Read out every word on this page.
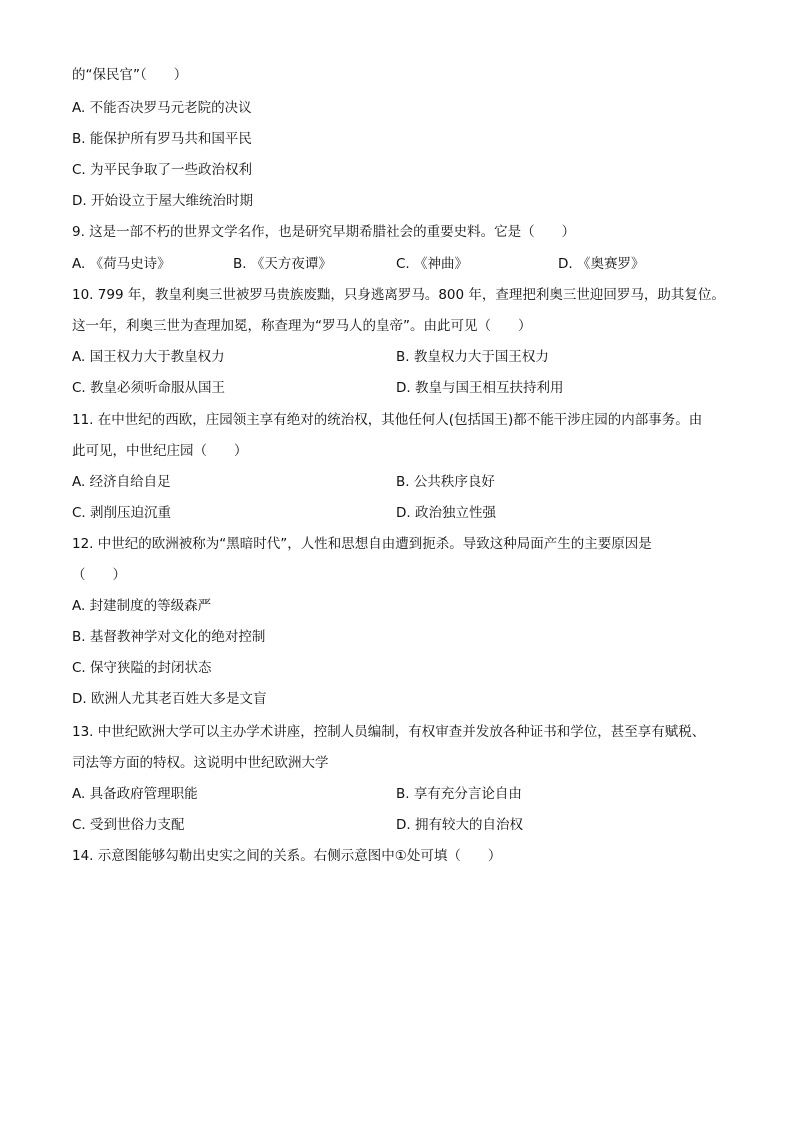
的“保民官”（　　）
A. 不能否决罗马元老院的决议
B. 能保护所有罗马共和国平民
C. 为平民争取了一些政治权利
D. 开始设立于屋大维统治时期
9. 这是一部不朽的世界文学名作，也是研究早期希腊社会的重要史料。它是（　　）
A. 《荷马史诗》	B. 《天方夜谭》	C. 《神曲》	D. 《奥赛罗》
10. 799 年，教皇利奥三世被罗马贵族废黜，只身逃离罗马。800 年，查理把利奥三世迎回罗马，助其复位。
这一年，利奥三世为查理加冕，称查理为“罗马人的皇帝”。由此可见（　　）
A. 国王权力大于教皇权力	B. 教皇权力大于国王权力
C. 教皇必须听命服从国王	D. 教皇与国王相互扶持利用
11. 在中世纪的西欧，庄园领主享有绝对的统治权，其他任何人(包括国王)都不能干涉庄园的内部事务。由
此可见，中世纪庄园（　　）
A. 经济自给自足	B. 公共秩序良好
C. 剥削压迫沉重	D. 政治独立性强
12. 中世纪的欧洲被称为“黑暗时代”，人性和思想自由遭到扼杀。导致这种局面产生的主要原因是
（　　）
A. 封建制度的等级森严
B. 基督教神学对文化的绝对控制
C. 保守狭隘的封闭状态
D. 欧洲人尤其老百姓大多是文盲
13. 中世纪欧洲大学可以主办学术讲座，控制人员编制，有权审查并发放各种证书和学位，甚至享有赋税、
司法等方面的特权。这说明中世纪欧洲大学
A. 具备政府管理职能	B. 享有充分言论自由
C. 受到世俗力支配	D. 拥有较大的自治权
14. 示意图能够勾勒出史实之间的关系。右侧示意图中①处可填（　　）
